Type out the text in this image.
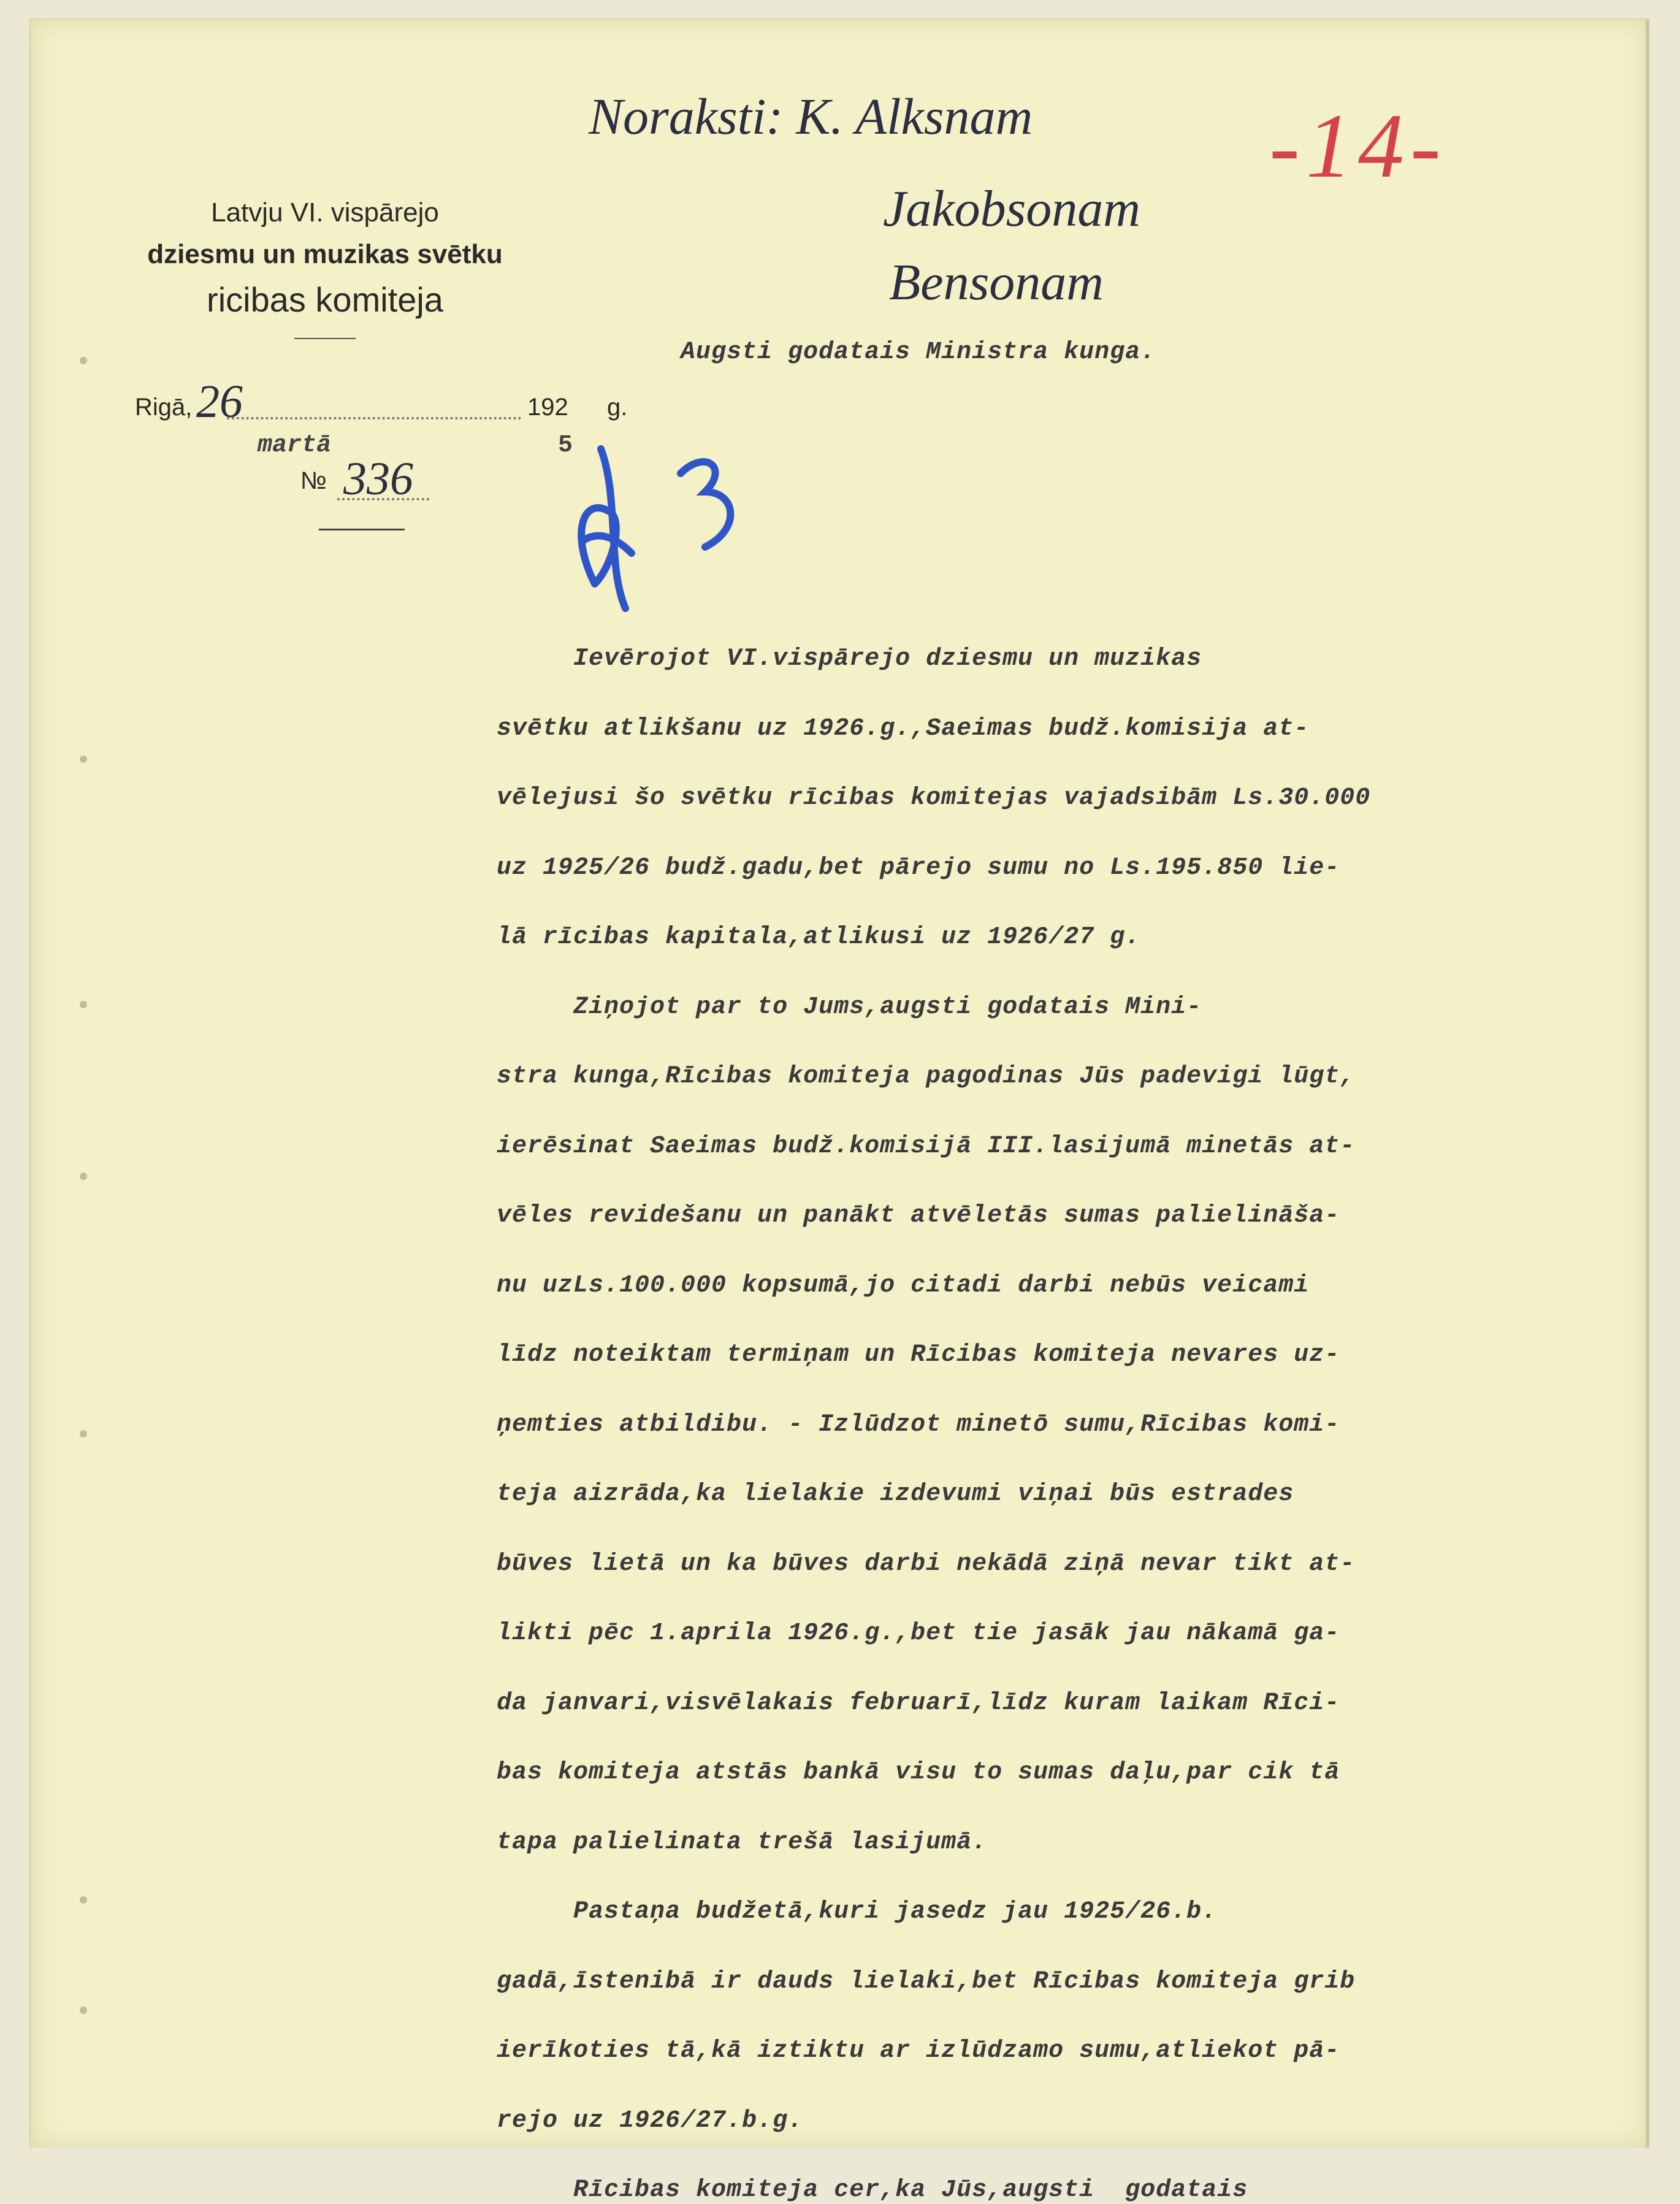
Noraksti: K. Alksnam
Jakobsonam
Bensonam
-14-
Latvju VI. vispārejo
dziesmu un muzikas svētku
ricibas komiteja
Rigā, 26	192 g.
martā	5
№ 336
Augsti godatais Ministra kunga.
Ievērojot VI.vispārejo dziesmu un muzikas
svētku atlikšanu uz 1926.g.,Saeimas budž.komisija at-
vēlejusi šo svētku rīcibas komitejas vajadsibām Ls.30.000
uz 1925/26 budž.gadu,bet pārejo sumu no Ls.195.850 lie-
lā rīcibas kapitala,atlikusi uz 1926/27 g.
Ziņojot par to Jums,augsti godatais Mini-
stra kunga,Rīcibas komiteja pagodinas Jūs padevigi lūgt,
ierēsinat Saeimas budž.komisijā III.lasijumā minetās at-
vēles revidešanu un panākt atvēletās sumas palielināša-
nu uzLs.100.000 kopsumā,jo citadi darbi nebūs veicami
līdz noteiktam termiņam un Rīcibas komiteja nevares uz-
ņemties atbildibu. - Izlūdzot minetō sumu,Rīcibas komi-
teja aizrāda,ka lielakie izdevumi viņai būs estrades
būves lietā un ka būves darbi nekādā ziņā nevar tikt at-
likti pēc 1.aprila 1926.g.,bet tie jasāk jau nākamā ga-
da janvari,visvēlakais februarī,līdz kuram laikam Rīci-
bas komiteja atstās bankā visu to sumas daļu,par cik tā
tapa palielinata trešā lasijumā.
Pastaņa budžetā,kuri jasedz jau 1925/26.b.
gadā,īstenibā ir dauds lielaki,bet Rīcibas komiteja grib
ierīkoties tā,kā iztiktu ar izlūdzamo sumu,atliekot pā-
rejo uz 1926/27.b.g.
Rīcibas komiteja cer,ka Jūs,augsti  godatais
